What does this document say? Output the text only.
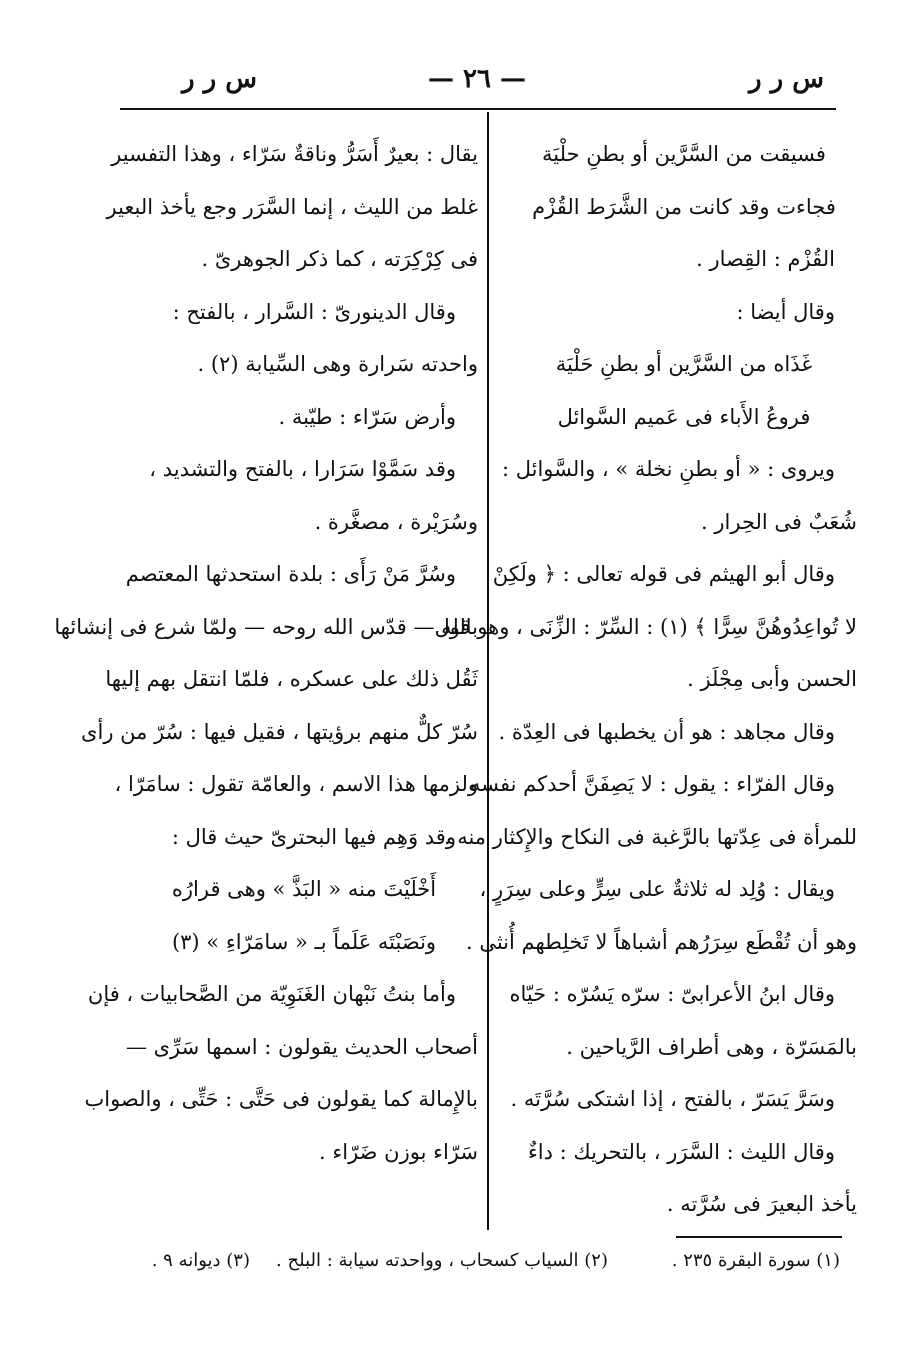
س ر ر
— ٢٦ —
س ر ر
فسيقت من السَّرَّين أو بطنِ حلْيَة
فجاءت وقد كانت من الشَّرَط القُزْم
القُزْم : القِصار .
وقال أيضا :
غَذَاه من السَّرَّين أو بطنِ حَلْيَة
فروعُ الأَباء فى عَميم السَّوائل
ويروى : « أو بطنِ نخلة » ، والسَّوائل :
شُعَبٌ فى الحِرار .
وقال أبو الهيثم فى قوله تعالى : ﴿ ولَكِنْ
لا تُواعِدُوهُنَّ سِرًّا ﴾ (١) : السِّرّ : الزِّنَى ، وهو قول
الحسن وأبى مِجْلَز .
وقال مجاهد : هو أن يخطبها فى العِدّة .
وقال الفرّاء : يقول : لا يَصِفَنَّ أحدكم نفسه
للمرأة فى عِدّتها بالرَّغبة فى النكاح والإِكثار منه .
ويقال : وُلِد له ثلاثةٌ على سِرٍّ وعلى سِرَرٍ ،
وهو أن تُقْطَع سِرَرُهم أشباهاً لا تَخلِطهم أُنثى .
وقال ابنُ الأعرابىّ : سرّه يَسُرّه : حَيّاه
بالمَسَرّة ، وهى أطراف الرَّياحين .
وسَرَّ يَسَرّ ، بالفتح ، إذا اشتكى سُرَّتَه .
وقال الليث : السَّرَر ، بالتحريك : داءٌ
يأخذ البعيرَ فى سُرَّته .
يقال : بعيرٌ أَسَرُّ وناقةٌ سَرّاء ، وهذا التفسير
غلط من الليث ، إنما السَّرَر وجع يأخذ البعير
فى كِرْكِرَته ، كما ذكر الجوهرىّ .
وقال الدينورىّ : السَّرار ، بالفتح :
واحدته سَرارة وهى السِّيابة (٢) .
وأرض سَرّاء : طيّبة .
وقد سَمَّوْا سَرَارا ، بالفتح والتشديد ،
وسُرَيْرة ، مصغَّرة .
وسُرَّ مَنْ رَأَى : بلدة استحدثها المعتصم
بالله — قدّس الله روحه — ولمّا شرع فى إنشائها
ثَقُل ذلك على عسكره ، فلمّا انتقل بهم إليها
سُرّ كلٌّ منهم برؤيتها ، فقيل فيها : سُرّ من رأى
ولزمها هذا الاسم ، والعامّة تقول : سامَرّا ،
وقد وَهِم فيها البحترىّ حيث قال :
أَخْلَيْتَ منه « البَذَّ » وهى قرارُه
ونَصَبْتَه عَلَماً بـ « سامَرّاءِ » (٣)
وأما بنتُ نَبْهان الغَنَوِيّة من الصَّحابيات ، فإن
أصحاب الحديث يقولون : اسمها سَرِّى —
بالإِمالة كما يقولون فى حَتَّى : حَتِّى ، والصواب
سَرّاء بوزن ضَرّاء .
(١) سورة البقرة ٢٣٥ .
(٢) السياب كسحاب ، وواحدته سيابة : البلح .
(٣) ديوانه ٩ .
